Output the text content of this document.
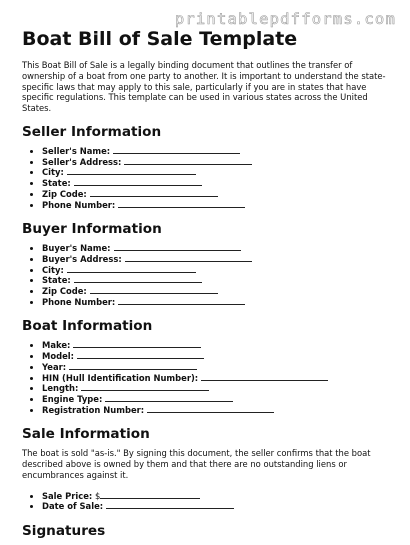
printablepdfforms.com
Boat Bill of Sale Template

This Boat Bill of Sale is a legally binding document that outlines the transfer of ownership of a boat from one party to another. It is important to understand the state-specific laws that may apply to this sale, particularly if you are in states that have specific regulations. This template can be used in various states across the United States.

Seller Information
• Seller's Name:
• Seller's Address:
• City:
• State:
• Zip Code:
• Phone Number:
Buyer Information
• Buyer's Name:
• Buyer's Address:
• City:
• State:
• Zip Code:
• Phone Number:
Boat Information
• Make:
• Model:
• Year:
• HIN (Hull Identification Number):
• Length:
• Engine Type:
• Registration Number:
Sale Information

The boat is sold "as-is." By signing this document, the seller confirms that the boat described above is owned by them and that there are no outstanding liens or encumbrances against it.

• Sale Price: $
• Date of Sale:
Signatures
